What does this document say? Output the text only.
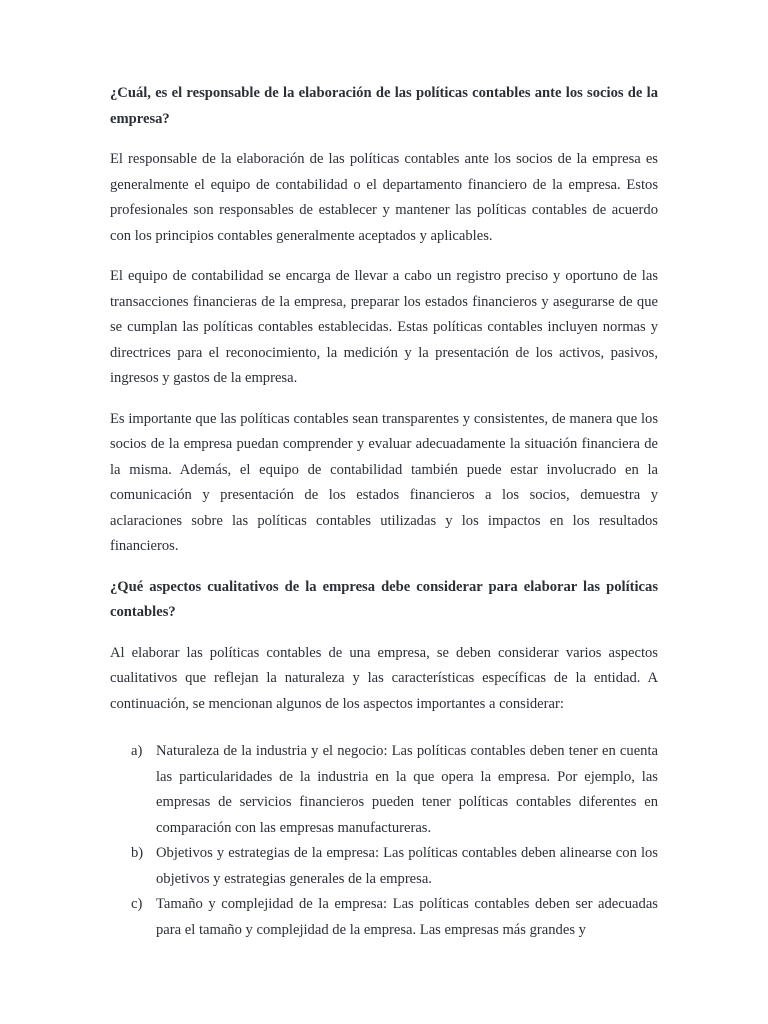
¿Cuál, es el responsable de la elaboración de las políticas contables ante los socios de la empresa?

El responsable de la elaboración de las políticas contables ante los socios de la empresa es generalmente el equipo de contabilidad o el departamento financiero de la empresa. Estos profesionales son responsables de establecer y mantener las políticas contables de acuerdo con los principios contables generalmente aceptados y aplicables.

El equipo de contabilidad se encarga de llevar a cabo un registro preciso y oportuno de las transacciones financieras de la empresa, preparar los estados financieros y asegurarse de que se cumplan las políticas contables establecidas. Estas políticas contables incluyen normas y directrices para el reconocimiento, la medición y la presentación de los activos, pasivos, ingresos y gastos de la empresa.

Es importante que las políticas contables sean transparentes y consistentes, de manera que los socios de la empresa puedan comprender y evaluar adecuadamente la situación financiera de la misma. Además, el equipo de contabilidad también puede estar involucrado en la comunicación y presentación de los estados financieros a los socios, demuestra y aclaraciones sobre las políticas contables utilizadas y los impactos en los resultados financieros.

¿Qué aspectos cualitativos de la empresa debe considerar para elaborar las políticas contables?

Al elaborar las políticas contables de una empresa, se deben considerar varios aspectos cualitativos que reflejan la naturaleza y las características específicas de la entidad. A continuación, se mencionan algunos de los aspectos importantes a considerar:

a) Naturaleza de la industria y el negocio: Las políticas contables deben tener en cuenta las particularidades de la industria en la que opera la empresa. Por ejemplo, las empresas de servicios financieros pueden tener políticas contables diferentes en comparación con las empresas manufactureras.
b) Objetivos y estrategias de la empresa: Las políticas contables deben alinearse con los objetivos y estrategias generales de la empresa.
c) Tamaño y complejidad de la empresa: Las políticas contables deben ser adecuadas para el tamaño y complejidad de la empresa. Las empresas más grandes y
